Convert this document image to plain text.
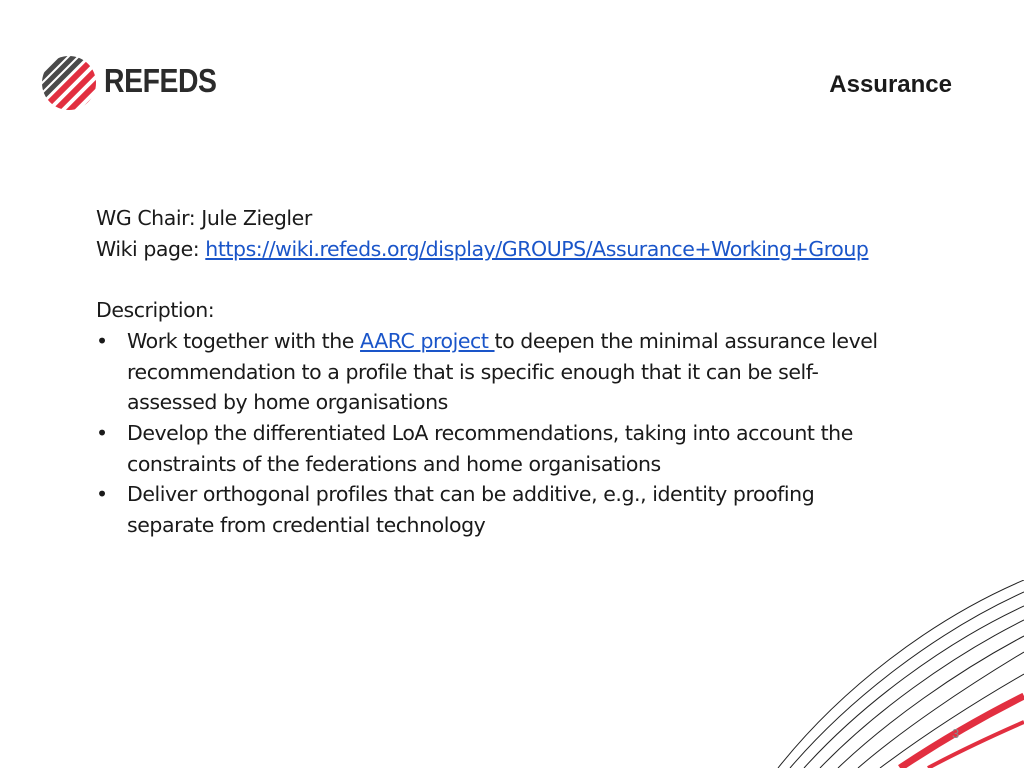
REFEDS	Assurance
WG Chair: Jule Ziegler
Wiki page: https://wiki.refeds.org/display/GROUPS/Assurance+Working+Group
Description:
• Work together with the AARC project to deepen the minimal assurance level
recommendation to a profile that is specific enough that it can be self-
assessed by home organisations
• Develop the differentiated LoA recommendations, taking into account the
constraints of the federations and home organisations
• Deliver orthogonal profiles that can be additive, e.g., identity proofing
separate from credential technology
3
